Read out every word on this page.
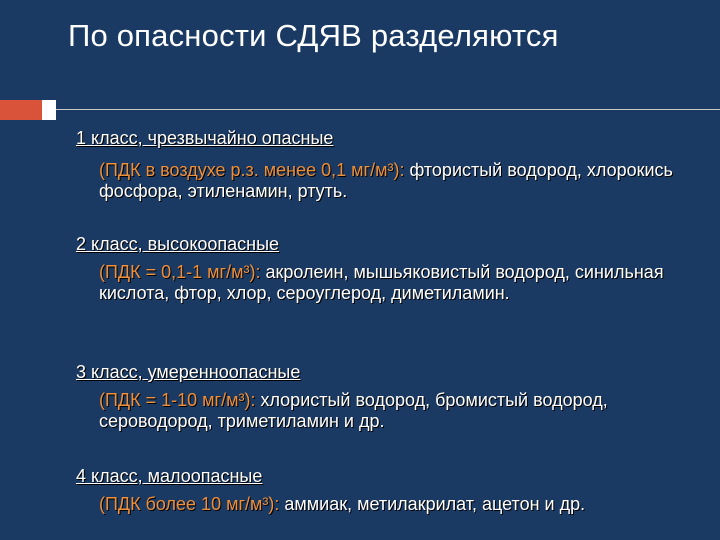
По опасности СДЯВ разделяются
1 класс, чрезвычайно опасные
(ПДК в воздухе р.з. менее 0,1 мг/м³): фтористый водород, хлорокись фосфора, этиленамин, ртуть.
2 класс, высокоопасные
(ПДК = 0,1-1 мг/м³): акролеин, мышьяковистый водород, синильная кислота, фтор, хлор, сероуглерод, диметиламин.
3 класс, умеренноопасные
(ПДК = 1-10 мг/м³): хлористый водород, бромистый водород, сероводород, триметиламин и др.
4 класс, малоопасные
(ПДК более 10 мг/м³): аммиак, метилакрилат, ацетон и др.
